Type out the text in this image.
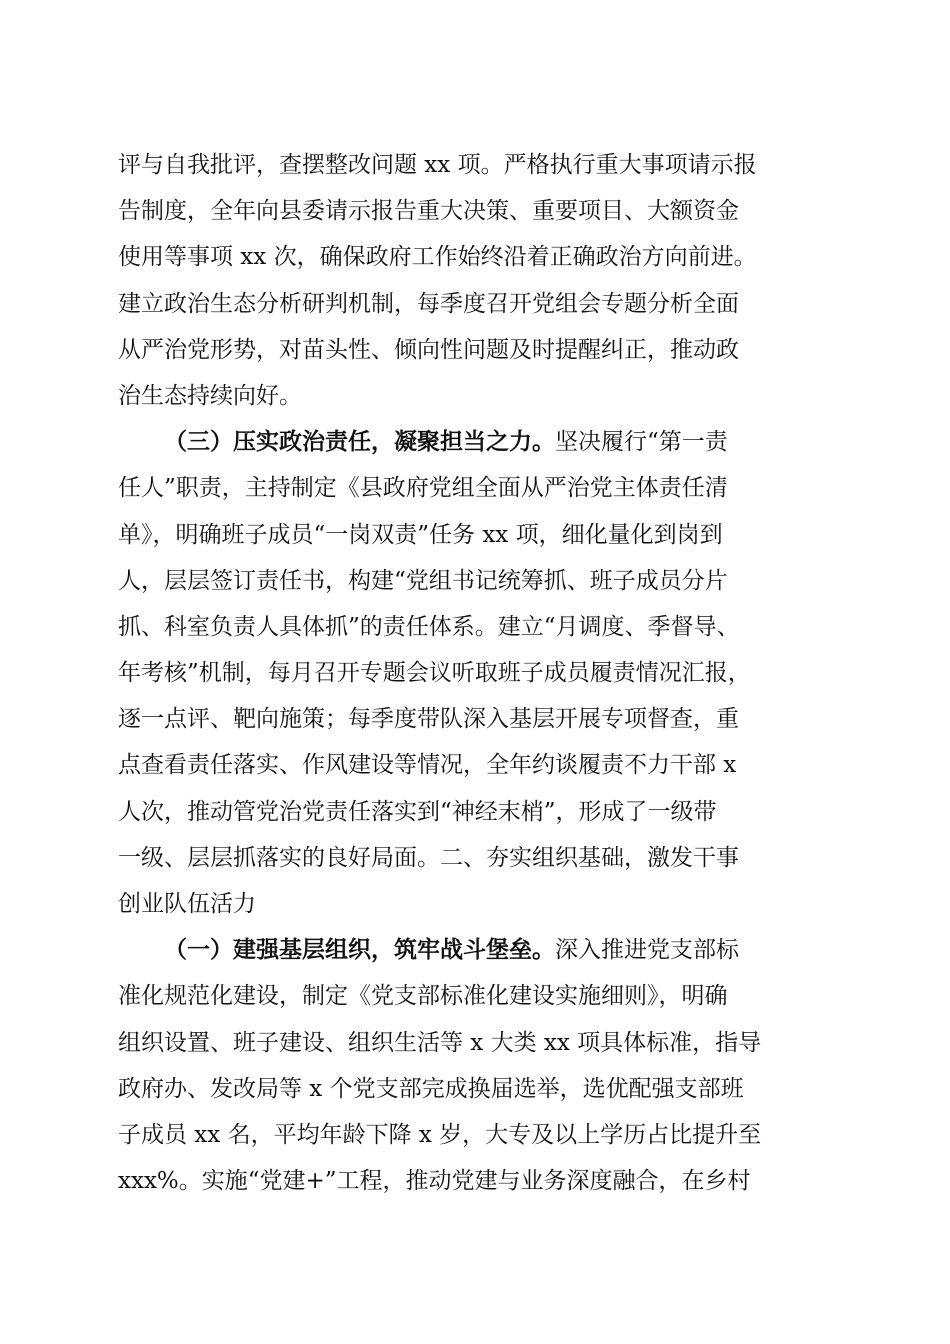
评与自我批评，查摆整改问题 xx 项。严格执行重大事项请示报
告制度，全年向县委请示报告重大决策、重要项目、大额资金
使用等事项 xx 次，确保政府工作始终沿着正确政治方向前进。
建立政治生态分析研判机制，每季度召开党组会专题分析全面
从严治党形势，对苗头性、倾向性问题及时提醒纠正，推动政
治生态持续向好。
（三）压实政治责任，凝聚担当之力。坚决履行“第一责
任人”职责，主持制定《县政府党组全面从严治党主体责任清
单》，明确班子成员“一岗双责”任务 xx 项，细化量化到岗到
人，层层签订责任书，构建“党组书记统筹抓、班子成员分片
抓、科室负责人具体抓”的责任体系。建立“月调度、季督导、
年考核”机制，每月召开专题会议听取班子成员履责情况汇报，
逐一点评、靶向施策；每季度带队深入基层开展专项督查，重
点查看责任落实、作风建设等情况，全年约谈履责不力干部 x
人次，推动管党治党责任落实到“神经末梢”，形成了一级带
一级、层层抓落实的良好局面。二、夯实组织基础，激发干事
创业队伍活力
（一）建强基层组织，筑牢战斗堡垒。深入推进党支部标
准化规范化建设，制定《党支部标准化建设实施细则》，明确
组织设置、班子建设、组织生活等 x 大类 xx 项具体标准，指导
政府办、发改局等 x 个党支部完成换届选举，选优配强支部班
子成员 xx 名，平均年龄下降 x 岁，大专及以上学历占比提升至
xxx%。实施“党建+”工程，推动党建与业务深度融合，在乡村
